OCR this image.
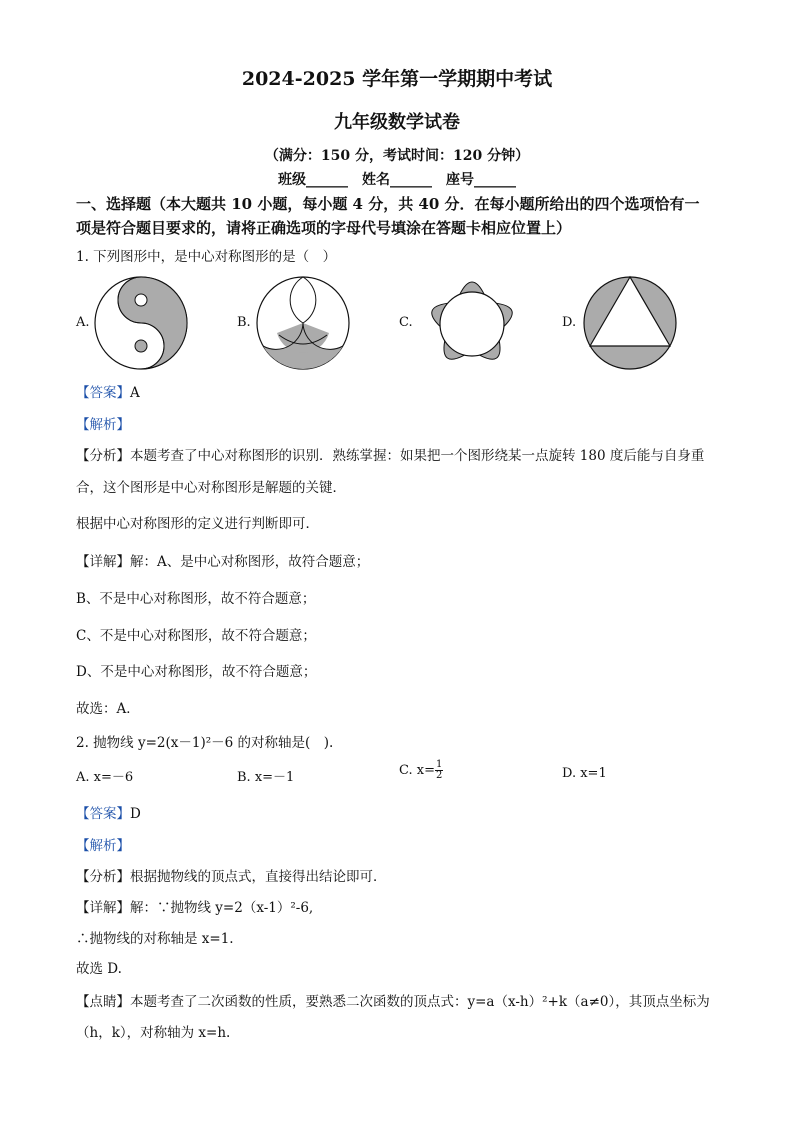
2024-2025 学年第一学期期中考试
九年级数学试卷
（满分：150 分，考试时间：120 分钟）
班级______　姓名______　座号______
一、选择题（本大题共 10 小题，每小题 4 分，共 40 分．在每小题所给出的四个选项恰有一
项是符合题目要求的，请将正确选项的字母代号填涂在答题卡相应位置上）
1. 下列图形中，是中心对称图形的是（　）
A.	B.	C.	D.
【答案】A
【解析】
【分析】本题考查了中心对称图形的识别．熟练掌握：如果把一个图形绕某一点旋转 180 度后能与自身重
合，这个图形是中心对称图形是解题的关键．
根据中心对称图形的定义进行判断即可．
【详解】解：A、是中心对称图形，故符合题意；
B、不是中心对称图形，故不符合题意；
C、不是中心对称图形，故不符合题意；
D、不是中心对称图形，故不符合题意；
故选：A．
2. 抛物线 y=2(x－1)²－6 的对称轴是(　).
A. x=－6	B. x=－1	C. $x= \frac{1}{2}$	D. x=1
【答案】D
【解析】
【分析】根据抛物线的顶点式，直接得出结论即可．
【详解】解：∵抛物线 y=2（x-1）²-6,
∴抛物线的对称轴是 x=1.
故选 D.
【点睛】本题考查了二次函数的性质，要熟悉二次函数的顶点式：y=a（x-h）²+k（a≠0），其顶点坐标为
（h，k），对称轴为 x=h.
